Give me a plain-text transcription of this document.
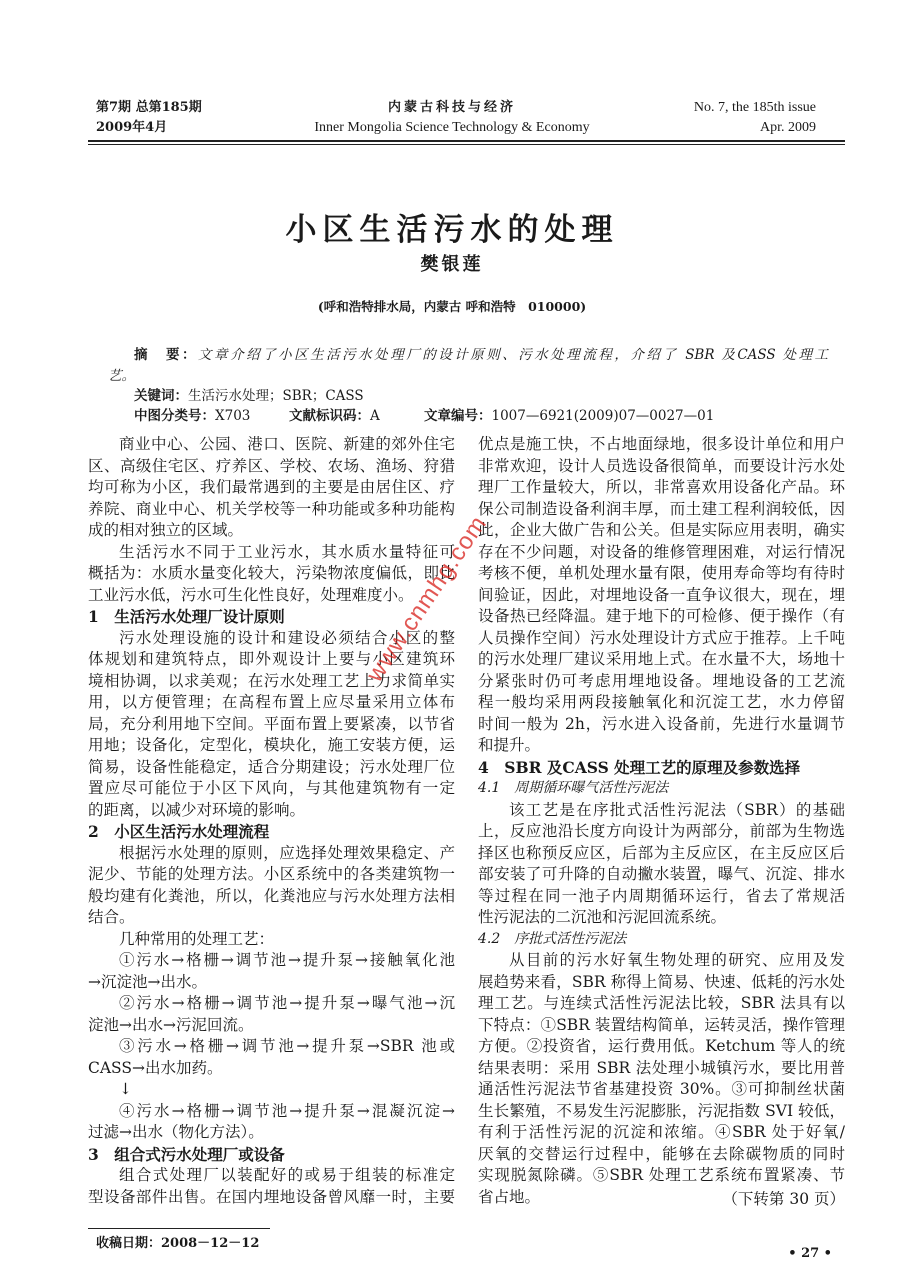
第7期 总第185期
2009年4月
内蒙古科技与经济
Inner Mongolia Science Technology & Economy
No. 7, the 185th issue
Apr. 2009
小区生活污水的处理
樊银莲
(呼和浩特排水局，内蒙古 呼和浩特　010000)
摘　要：文章介绍了小区生活污水处理厂的设计原则、污水处理流程，介绍了 SBR 及CASS 处理工
艺。
关键词：生活污水处理；SBR；CASS
中图分类号：X703	文献标识码：A	文章编号：1007—6921(2009)07—0027—01
商业中心、公园、港口、医院、新建的郊外住宅
区、高级住宅区、疗养区、学校、农场、渔场、狩猎
均可称为小区，我们最常遇到的主要是由居住区、疗
养院、商业中心、机关学校等一种功能或多种功能构
成的相对独立的区域。
生活污水不同于工业污水，其水质水量特征可
概括为：水质水量变化较大，污染物浓度偏低，即比
工业污水低，污水可生化性良好，处理难度小。
1　生活污水处理厂设计原则
污水处理设施的设计和建设必须结合小区的整
体规划和建筑特点，即外观设计上要与小区建筑环
境相协调，以求美观；在污水处理工艺上力求简单实
用，以方便管理；在高程布置上应尽量采用立体布
局，充分利用地下空间。平面布置上要紧凑，以节省
用地；设备化，定型化，模块化，施工安装方便，运
简易，设备性能稳定，适合分期建设；污水处理厂位
置应尽可能位于小区下风向，与其他建筑物有一定
的距离，以减少对环境的影响。
2　小区生活污水处理流程
根据污水处理的原则，应选择处理效果稳定、产
泥少、节能的处理方法。小区系统中的各类建筑物一
般均建有化粪池，所以，化粪池应与污水处理方法相
结合。
几种常用的处理工艺：
①污水→格栅→调节池→提升泵→接触氧化池
→沉淀池→出水。
②污水→格栅→调节池→提升泵→曝气池→沉
淀池→出水→污泥回流。
③污水→格栅→调节池→提升泵→SBR 池或
CASS→出水加药。
↓
④污水→格栅→调节池→提升泵→混凝沉淀→
过滤→出水（物化方法）。
3　组合式污水处理厂或设备
组合式处理厂以装配好的或易于组装的标准定
型设备部件出售。在国内埋地设备曾风靡一时，主要
优点是施工快，不占地面绿地，很多设计单位和用户
非常欢迎，设计人员选设备很简单，而要设计污水处
理厂工作量较大，所以，非常喜欢用设备化产品。环
保公司制造设备利润丰厚，而土建工程利润较低，因
此，企业大做广告和公关。但是实际应用表明，确实
存在不少问题，对设备的维修管理困难，对运行情况
考核不便，单机处理水量有限，使用寿命等均有待时
间验证，因此，对埋地设备一直争议很大，现在，埋
设备热已经降温。建于地下的可检修、便于操作（有
人员操作空间）污水处理设计方式应于推荐。上千吨
的污水处理厂建议采用地上式。在水量不大，场地十
分紧张时仍可考虑用埋地设备。埋地设备的工艺流
程一般均采用两段接触氧化和沉淀工艺，水力停留
时间一般为 2h，污水进入设备前，先进行水量调节
和提升。
4　SBR 及CASS 处理工艺的原理及参数选择
4.1　周期循环曝气活性污泥法
该工艺是在序批式活性污泥法（SBR）的基础
上，反应池沿长度方向设计为两部分，前部为生物选
择区也称预反应区，后部为主反应区，在主反应区后
部安装了可升降的自动撇水装置，曝气、沉淀、排水
等过程在同一池子内周期循环运行，省去了常规活
性污泥法的二沉池和污泥回流系统。
4.2　序批式活性污泥法
从目前的污水好氧生物处理的研究、应用及发
展趋势来看，SBR 称得上简易、快速、低耗的污水处
理工艺。与连续式活性污泥法比较，SBR 法具有以
下特点：①SBR 装置结构简单，运转灵活，操作管理
方便。②投资省，运行费用低。Ketchum 等人的统
结果表明：采用 SBR 法处理小城镇污水，要比用普
通活性污泥法节省基建投资 30%。③可抑制丝状菌
生长繁殖，不易发生污泥膨胀，污泥指数 SVI 较低，
有利于活性污泥的沉淀和浓缩。④SBR 处于好氧/
厌氧的交替运行过程中，能够在去除碳物质的同时
实现脱氮除磷。⑤SBR 处理工艺系统布置紧凑、节
省占地。	（下转第 30 页）
www.cnmhg.com
收稿日期：2008－12－12
• 27 •
